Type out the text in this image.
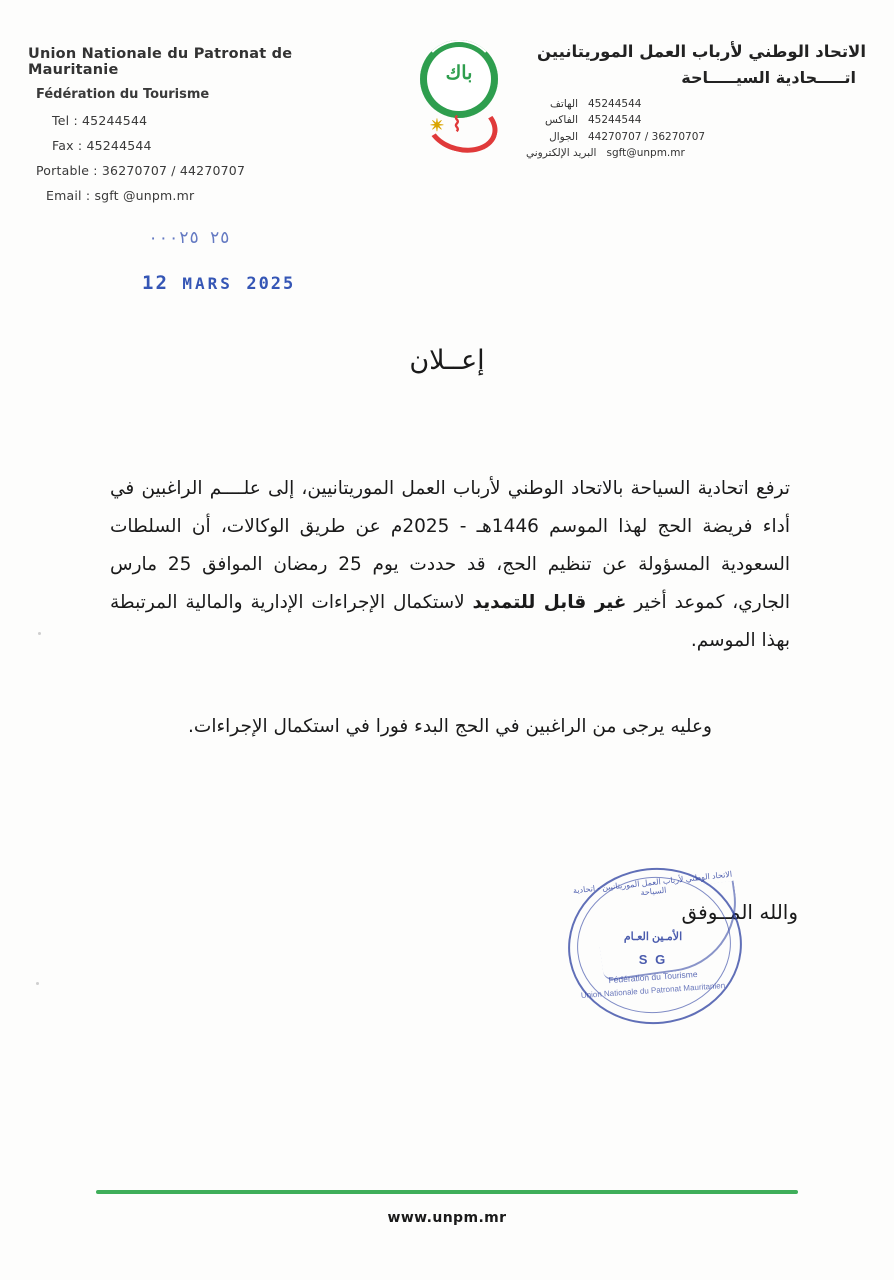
Union Nationale du Patronat de Mauritanie
Fédération du Tourisme
Tel : 45244544
Fax : 45244544
Portable : 36270707 / 44270707
Email : sgft @unpm.mr
باك
✴ ⌇
الاتحاد الوطني لأرباب العمل الموريتانيين
اتـــــحادية السيـــــاحة
45244544
الهاتف
45244544
الفاكس
44270707 / 36270707
الجوال
sgft@unpm.mr
البريد الإلكتروني
٢٥ ٠٠٠٢٥
12 MARS 2025
إعــلان

ترفع اتحادية السياحة بالاتحاد الوطني لأرباب العمل الموريتانيين، إلى علــــم الراغبين في أداء فريضة الحج لهذا الموسم 1446هـ - 2025م عن طريق الوكالات، أن السلطات السعودية المسؤولة عن تنظيم الحج، قد حددت يوم 25 رمضان الموافق 25 مارس الجاري، كموعد أخير غير قابل للتمديد لاستكمال الإجراءات الإدارية والمالية المرتبطة بهذا الموسم.

وعليه يرجى من الراغبين في الحج البدء فورا في استكمال الإجراءات.

والله المــوفق
الاتحاد الوطني لأرباب العمل الموريتانيين - اتحادية السياحة
الأمـين العـام
S G
Fédération du Tourisme
Union Nationale du Patronat Mauritanien
www.unpm.mr
